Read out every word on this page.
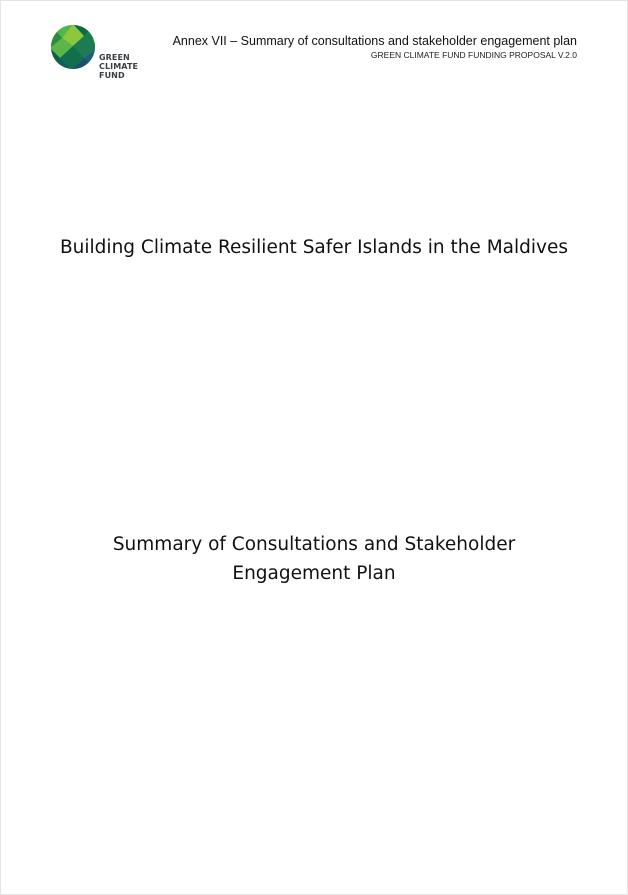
GREEN
CLIMATE
FUND
Annex VII – Summary of consultations and stakeholder engagement plan
GREEN CLIMATE FUND FUNDING PROPOSAL V.2.0
Building Climate Resilient Safer Islands in the Maldives
Summary of Consultations and Stakeholder Engagement Plan
